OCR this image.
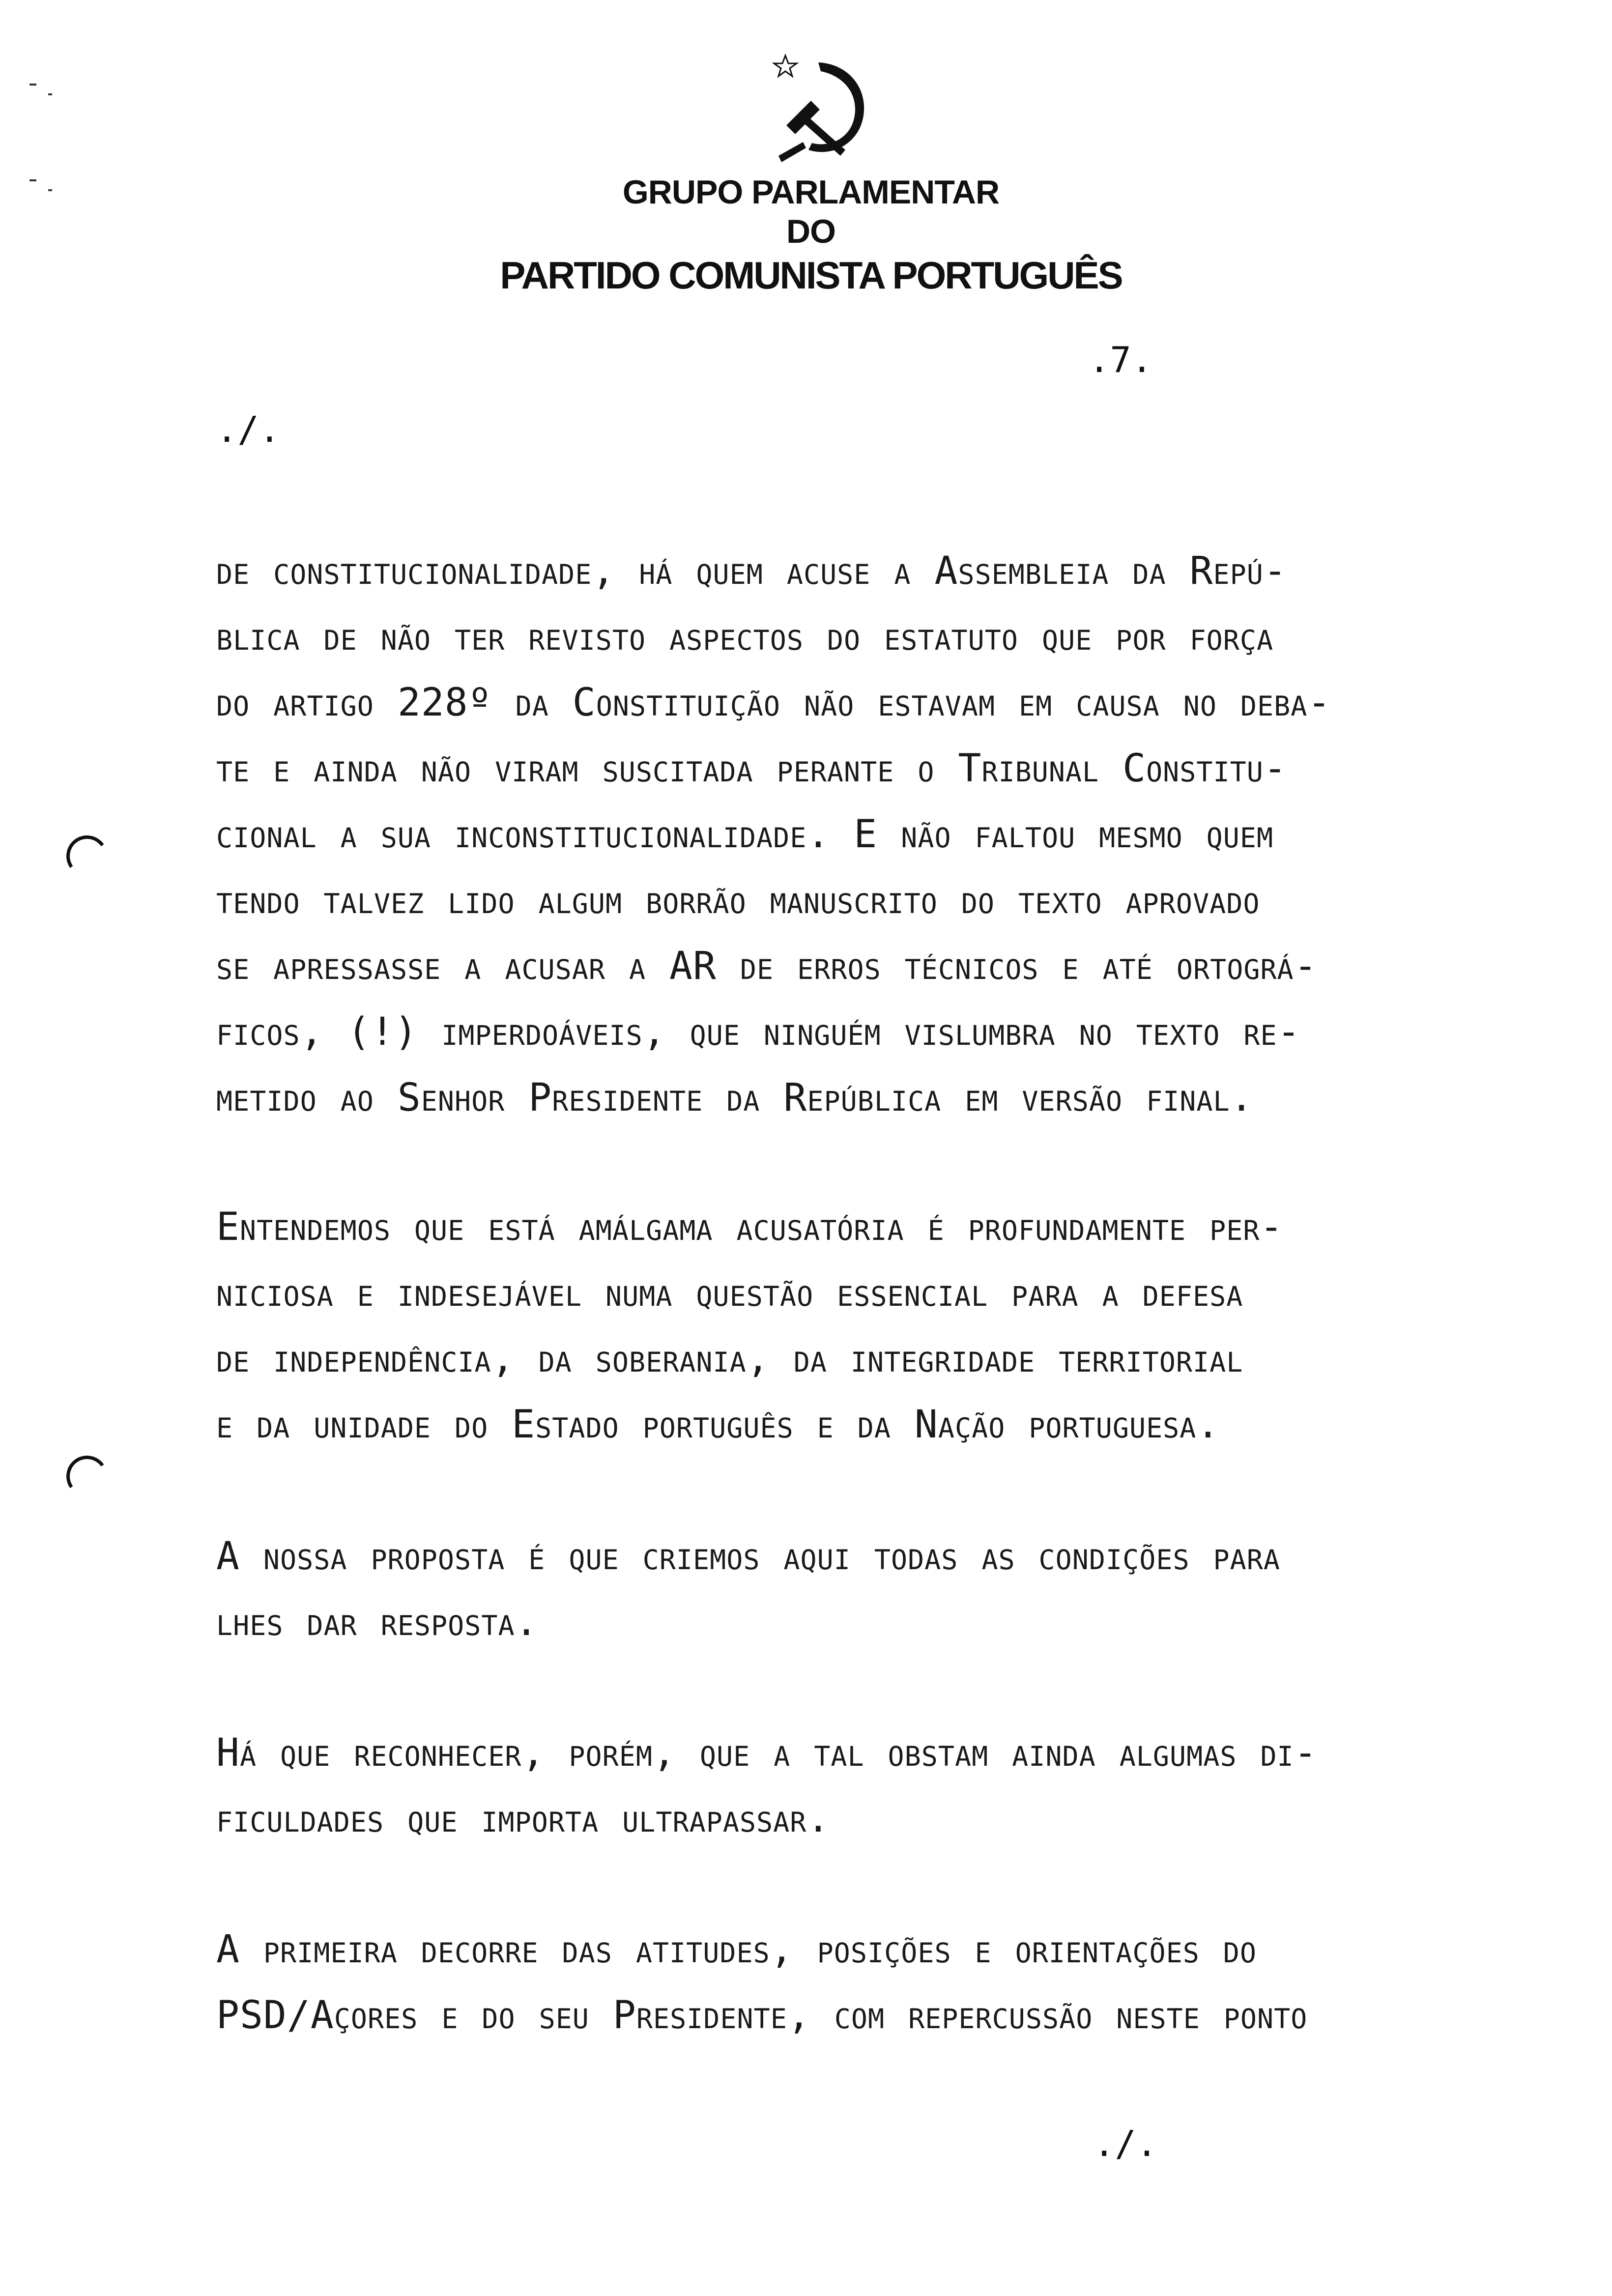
GRUPO PARLAMENTAR
DO
PARTIDO COMUNISTA PORTUGUÊS
.7.
./.
de constitucionalidade, há quem acuse a Assembleia da Repú-
blica de não ter revisto aspectos do estatuto que por força
do artigo 228º da Constituição não estavam em causa no deba-
te e ainda não viram suscitada perante o Tribunal Constitu-
cional a sua inconstitucionalidade. E não faltou mesmo quem
tendo talvez lido algum borrão manuscrito do texto aprovado
se apressasse a acusar a AR de erros técnicos e até ortográ-
ficos, (!) imperdoáveis, que ninguém vislumbra no texto re-
metido ao Senhor Presidente da República em versão final.
Entendemos que está amálgama acusatória é profundamente per-
niciosa e indesejável numa questão essencial para a defesa
de independência, da soberania, da integridade territorial
e da unidade do Estado português e da Nação portuguesa.
A nossa proposta é que criemos aqui todas as condições para
lhes dar resposta.
Há que reconhecer, porém, que a tal obstam ainda algumas di-
ficuldades que importa ultrapassar.
A primeira decorre das atitudes, posições e orientações do
PSD/Açores e do seu Presidente, com repercussão neste ponto
./.
